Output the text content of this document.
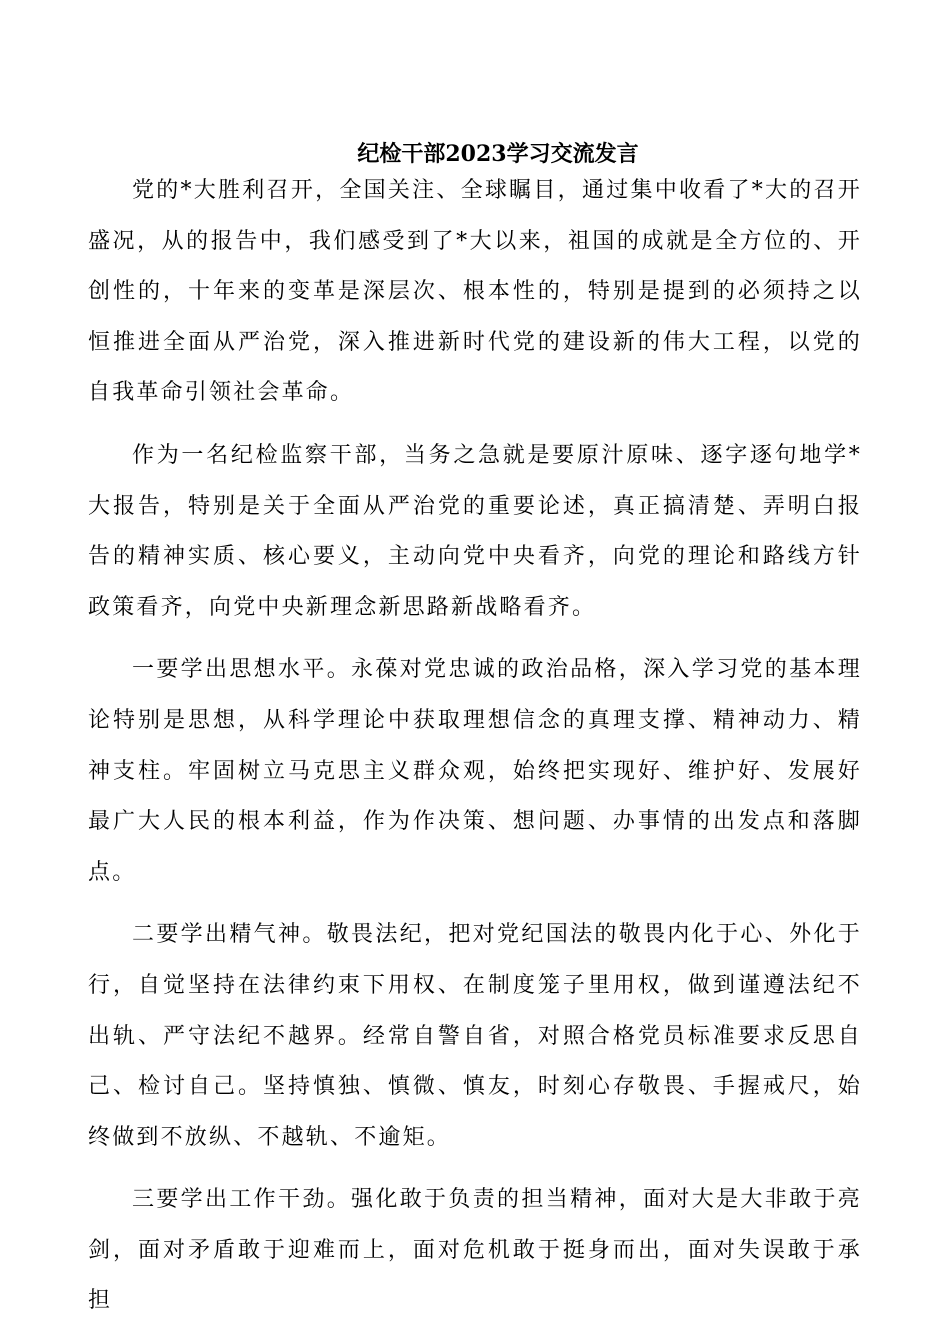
纪检干部2023学习交流发言

党的*大胜利召开，全国关注、全球瞩目，通过集中收看了*大的召开盛况，从的报告中，我们感受到了*大以来，祖国的成就是全方位的、开创性的，十年来的变革是深层次、根本性的，特别是提到的必须持之以恒推进全面从严治党，深入推进新时代党的建设新的伟大工程，以党的自我革命引领社会革命。

作为一名纪检监察干部，当务之急就是要原汁原味、逐字逐句地学*大报告，特别是关于全面从严治党的重要论述，真正搞清楚、弄明白报告的精神实质、核心要义，主动向党中央看齐，向党的理论和路线方针政策看齐，向党中央新理念新思路新战略看齐。

一要学出思想水平。永葆对党忠诚的政治品格，深入学习党的基本理论特别是思想，从科学理论中获取理想信念的真理支撑、精神动力、精神支柱。牢固树立马克思主义群众观，始终把实现好、维护好、发展好最广大人民的根本利益，作为作决策、想问题、办事情的出发点和落脚点。

二要学出精气神。敬畏法纪，把对党纪国法的敬畏内化于心、外化于行，自觉坚持在法律约束下用权、在制度笼子里用权，做到谨遵法纪不出轨、严守法纪不越界。经常自警自省，对照合格党员标准要求反思自己、检讨自己。坚持慎独、慎微、慎友，时刻心存敬畏、手握戒尺，始终做到不放纵、不越轨、不逾矩。

三要学出工作干劲。强化敢于负责的担当精神，面对大是大非敢于亮剑，面对矛盾敢于迎难而上，面对危机敢于挺身而出，面对失误敢于承担
